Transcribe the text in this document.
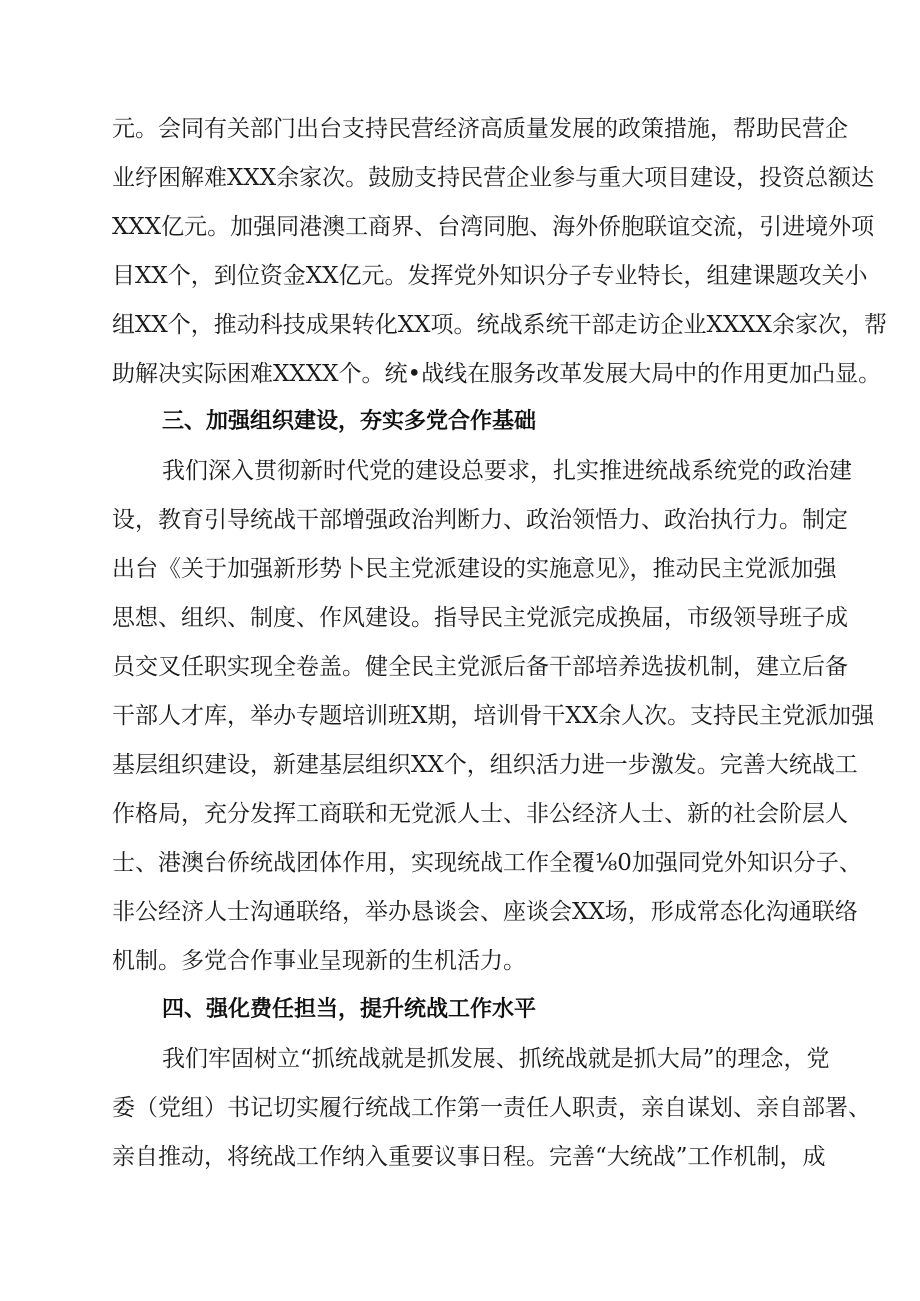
元。会同有关部门出台支持民营经济高质量发展的政策措施，帮助民营企
业纾困解难XXX余家次。鼓励支持民营企业参与重大项目建设，投资总额达
XXX亿元。加强同港澳工商界、台湾同胞、海外侨胞联谊交流，引进境外项
目XX个，到位资金XX亿元。发挥党外知识分子专业特长，组建课题攻关小
组XX个，推动科技成果转化XX项。统战系统干部走访企业XXXX余家次，帮
助解决实际困难XXXX个。统•战线在服务改革发展大局中的作用更加凸显。
三、加强组织建设，夯实多党合作基础
我们深入贯彻新时代党的建设总要求，扎实推进统战系统党的政治建
设，教育引导统战干部增强政治判断力、政治领悟力、政治执行力。制定
出台《关于加强新形势卜民主党派建设的实施意见》，推动民主党派加强
思想、组织、制度、作风建设。指导民主党派完成换届，市级领导班子成
员交叉任职实现全卷盖。健全民主党派后备干部培养选拔机制，建立后备
干部人才库，举办专题培训班X期，培训骨干XX余人次。支持民主党派加强
基层组织建设，新建基层组织XX个，组织活力进一步激发。完善大统战工
作格局，充分发挥工商联和无党派人士、非公经济人士、新的社会阶层人
士、港澳台侨统战团体作用，实现统战工作全覆⅛0加强同党外知识分子、
非公经济人士沟通联络，举办恳谈会、座谈会XX场，形成常态化沟通联络
机制。多党合作事业呈现新的生机活力。
四、强化费任担当，提升统战工作水平
我们牢固树立“抓统战就是抓发展、抓统战就是抓大局”的理念，党
委（党组）书记切实履行统战工作第一责任人职责，亲自谋划、亲自部署、
亲自推动，将统战工作纳入重要议事日程。完善“大统战”工作机制，成
